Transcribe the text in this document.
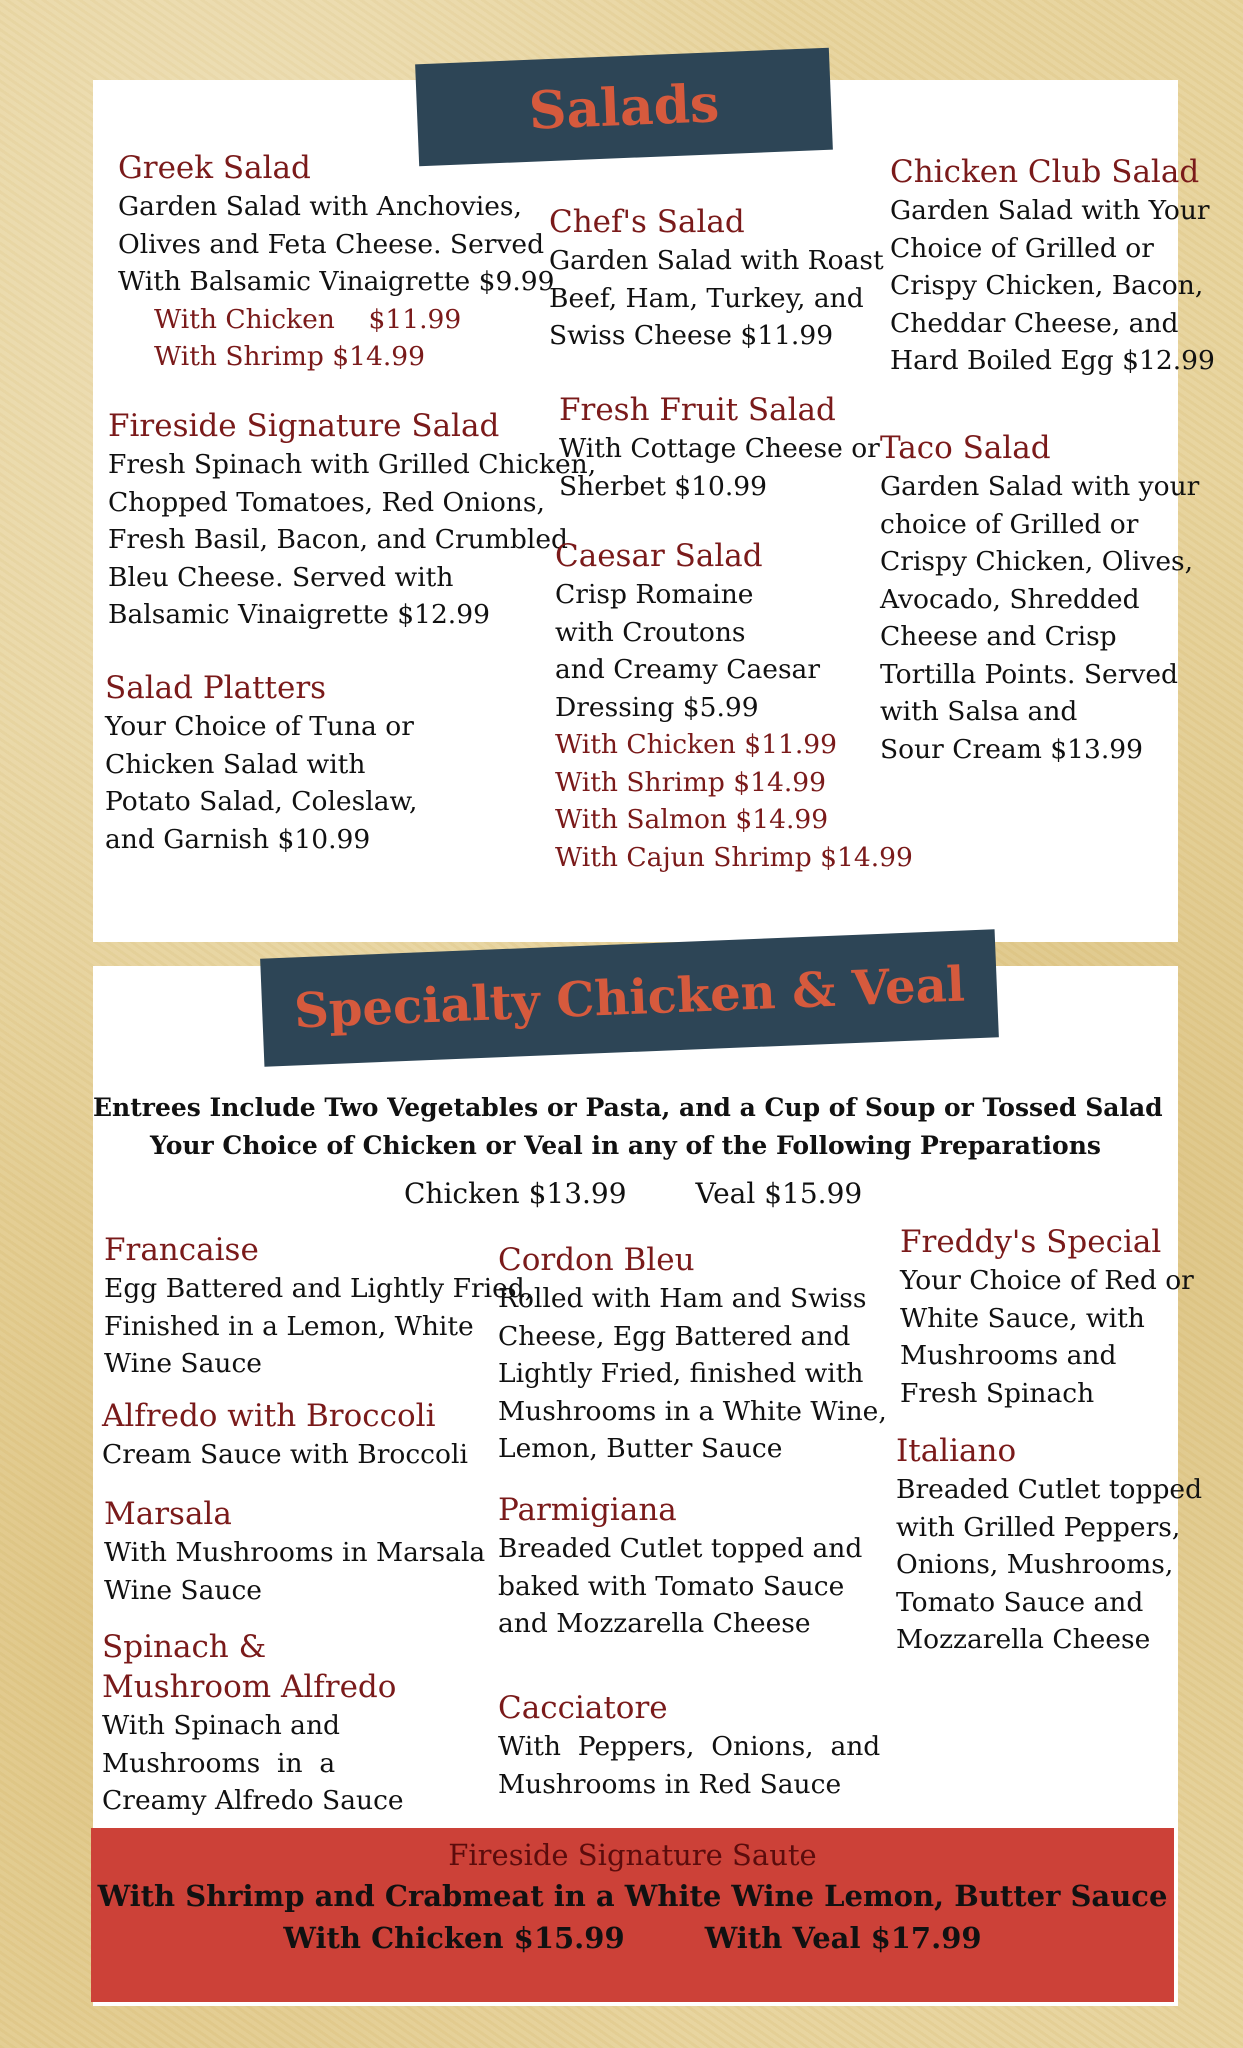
Salads
Greek Salad
Garden Salad with Anchovies,
Olives and Feta Cheese. Served
With Balsamic Vinaigrette $9.99
With Chicken    $11.99
With Shrimp $14.99
Chef's Salad
Garden Salad with Roast
Beef, Ham, Turkey, and
Swiss Cheese $11.99
Chicken Club Salad
Garden Salad with Your
Choice of Grilled or
Crispy Chicken, Bacon,
Cheddar Cheese, and
Hard Boiled Egg $12.99
Fireside Signature Salad
Fresh Spinach with Grilled Chicken,
Chopped Tomatoes, Red Onions,
Fresh Basil, Bacon, and Crumbled
Bleu Cheese. Served with
Balsamic Vinaigrette $12.99
Fresh Fruit Salad
With Cottage Cheese or
Sherbet $10.99
Taco Salad
Garden Salad with your
choice of Grilled or
Crispy Chicken, Olives,
Avocado, Shredded
Cheese and Crisp
Tortilla Points. Served
with Salsa and
Sour Cream $13.99
Caesar Salad
Crisp Romaine
with Croutons
and Creamy Caesar
Dressing $5.99
With Chicken $11.99
With Shrimp $14.99
With Salmon $14.99
With Cajun Shrimp $14.99
Salad Platters
Your Choice of Tuna or
Chicken Salad with
Potato Salad, Coleslaw,
and Garnish $10.99
Specialty Chicken & Veal
Entrees Include Two Vegetables or Pasta, and a Cup of Soup or Tossed Salad
Your Choice of Chicken or Veal in any of the Following Preparations
Chicken $13.99 Veal $15.99
Francaise
Egg Battered and Lightly Fried,
Finished in a Lemon, White
Wine Sauce
Alfredo with Broccoli
Cream Sauce with Broccoli
Marsala
With Mushrooms in Marsala
Wine Sauce
Spinach &
Mushroom Alfredo
With Spinach and
Mushrooms  in  a
Creamy Alfredo Sauce
Cordon Bleu
Rolled with Ham and Swiss
Cheese, Egg Battered and
Lightly Fried, finished with
Mushrooms in a White Wine,
Lemon, Butter Sauce
Parmigiana
Breaded Cutlet topped and
baked with Tomato Sauce
and Mozzarella Cheese
Cacciatore
With  Peppers,  Onions,  and
Mushrooms in Red Sauce
Freddy's Special
Your Choice of Red or
White Sauce, with
Mushrooms and
Fresh Spinach
Italiano
Breaded Cutlet topped
with Grilled Peppers,
Onions, Mushrooms,
Tomato Sauce and
Mozzarella Cheese
Fireside Signature Saute
With Shrimp and Crabmeat in a White Wine Lemon, Butter Sauce
With Chicken $15.99	With Veal $17.99
